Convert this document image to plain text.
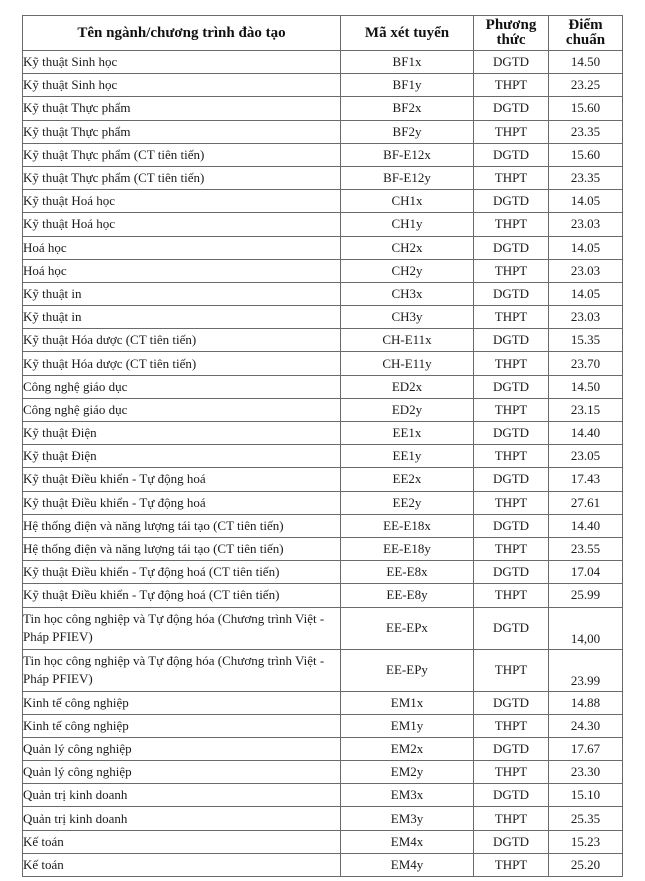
Tên ngành/chương trình đào tạo	Mã xét tuyển	Phương thức	Điểm chuẩn
Kỹ thuật Sinh học	BF1x	DGTD	14.50
Kỹ thuật Sinh học	BF1y	THPT	23.25
Kỹ thuật Thực phẩm	BF2x	DGTD	15.60
Kỹ thuật Thực phẩm	BF2y	THPT	23.35
Kỹ thuật Thực phẩm (CT tiên tiến)	BF-E12x	DGTD	15.60
Kỹ thuật Thực phẩm (CT tiên tiến)	BF-E12y	THPT	23.35
Kỹ thuật Hoá học	CH1x	DGTD	14.05
Kỹ thuật Hoá học	CH1y	THPT	23.03
Hoá học	CH2x	DGTD	14.05
Hoá học	CH2y	THPT	23.03
Kỹ thuật in	CH3x	DGTD	14.05
Kỹ thuật in	CH3y	THPT	23.03
Kỹ thuật Hóa dược (CT tiên tiến)	CH-E11x	DGTD	15.35
Kỹ thuật Hóa dược (CT tiên tiến)	CH-E11y	THPT	23.70
Công nghệ giáo dục	ED2x	DGTD	14.50
Công nghệ giáo dục	ED2y	THPT	23.15
Kỹ thuật Điện	EE1x	DGTD	14.40
Kỹ thuật Điện	EE1y	THPT	23.05
Kỹ thuật Điều khiển - Tự động hoá	EE2x	DGTD	17.43
Kỹ thuật Điều khiển - Tự động hoá	EE2y	THPT	27.61
Hệ thống điện và năng lượng tái tạo (CT tiên tiến)	EE-E18x	DGTD	14.40
Hệ thống điện và năng lượng tái tạo (CT tiên tiến)	EE-E18y	THPT	23.55
Kỹ thuật Điều khiển - Tự động hoá (CT tiên tiến)	EE-E8x	DGTD	17.04
Kỹ thuật Điều khiển - Tự động hoá (CT tiên tiến)	EE-E8y	THPT	25.99
Tin học công nghiệp và Tự động hóa (Chương trình Việt - Pháp PFIEV)	EE-EPx	DGTD	14,00
Tin học công nghiệp và Tự động hóa (Chương trình Việt - Pháp PFIEV)	EE-EPy	THPT	23.99
Kinh tế công nghiệp	EM1x	DGTD	14.88
Kinh tế công nghiệp	EM1y	THPT	24.30
Quản lý công nghiệp	EM2x	DGTD	17.67
Quản lý công nghiệp	EM2y	THPT	23.30
Quản trị kinh doanh	EM3x	DGTD	15.10
Quản trị kinh doanh	EM3y	THPT	25.35
Kế toán	EM4x	DGTD	15.23
Kế toán	EM4y	THPT	25.20
